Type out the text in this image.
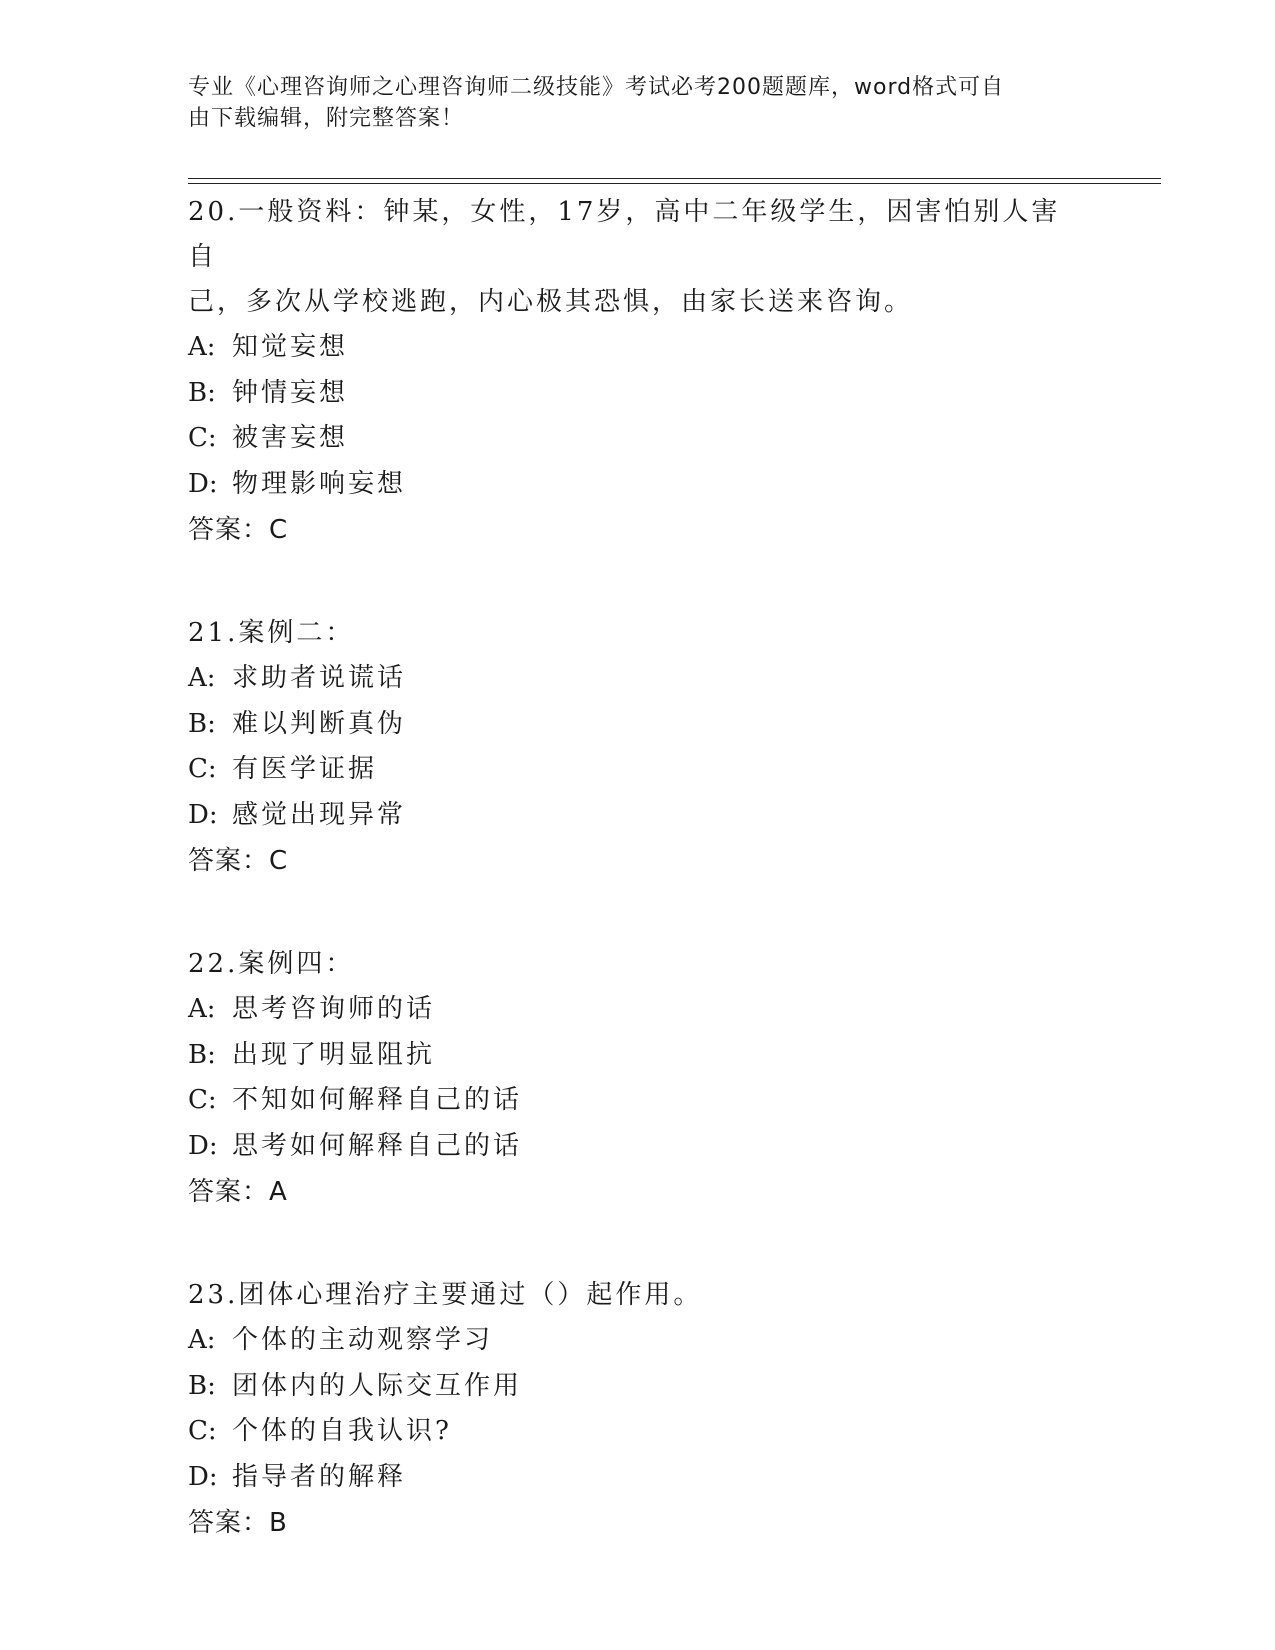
专业《心理咨询师之心理咨询师二级技能》考试必考200题题库，word格式可自
由下载编辑，附完整答案！
20.一般资料：钟某，女性，17岁，高中二年级学生，因害怕别人害自
己，多次从学校逃跑，内心极其恐惧，由家长送来咨询。
A: 知觉妄想
B: 钟情妄想
C: 被害妄想
D: 物理影响妄想
答案：C
21.案例二：
A: 求助者说谎话
B: 难以判断真伪
C: 有医学证据
D: 感觉出现异常
答案：C
22.案例四：
A: 思考咨询师的话
B: 出现了明显阻抗
C: 不知如何解释自己的话
D: 思考如何解释自己的话
答案：A
23.团体心理治疗主要通过（）起作用。
A: 个体的主动观察学习
B: 团体内的人际交互作用
C: 个体的自我认识?
D: 指导者的解释
答案：B
